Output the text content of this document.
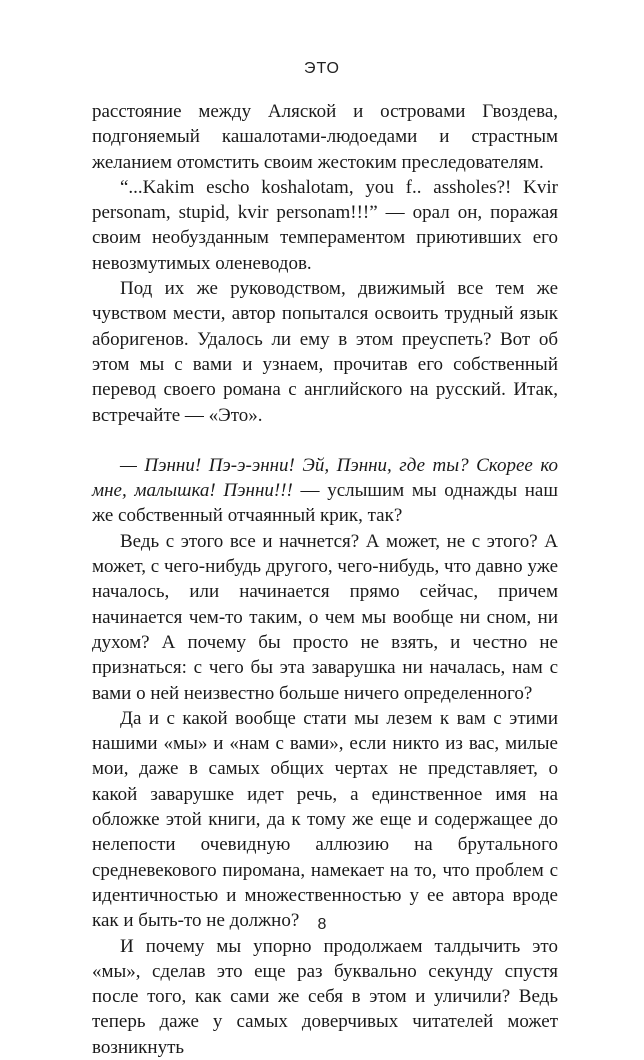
ЭТО

расстояние между Аляской и островами Гвоздева, подгоняемый кашалотами-людоедами и страстным желанием отомстить своим жестоким преследователям.

“...Kakim escho koshalotam, you f.. assholes?! Kvir personam, stupid, kvir personam!!!” — орал он, поражая своим необузданным темпераментом приютивших его невозмутимых оленеводов.

Под их же руководством, движимый все тем же чувством мести, автор попытался освоить трудный язык аборигенов. Удалось ли ему в этом преуспеть? Вот об этом мы с вами и узнаем, прочитав его собственный перевод своего романа с английского на русский. Итак, встречайте — «Это».

— Пэнни! Пэ-э-энни! Эй, Пэнни, где ты? Скорее ко мне, малышка! Пэнни!!! — услышим мы однажды наш же собственный отчаянный крик, так?

Ведь с этого все и начнется? А может, не с этого? А может, с чего-нибудь другого, чего-нибудь, что давно уже началось, или начинается прямо сейчас, причем начинается чем-то таким, о чем мы вообще ни сном, ни духом? А почему бы просто не взять, и честно не признаться: с чего бы эта заварушка ни началась, нам с вами о ней неизвестно больше ничего определенного?

Да и с какой вообще стати мы лезем к вам с этими нашими «мы» и «нам с вами», если никто из вас, милые мои, даже в самых общих чертах не представляет, о какой заварушке идет речь, а единственное имя на обложке этой книги, да к тому же еще и содержащее до нелепости очевидную аллюзию на брутального средневекового пиромана, намекает на то, что проблем с идентичностью и множественностью у ее автора вроде как и быть-то не должно?

И почему мы упорно продолжаем талдычить это «мы», сделав это еще раз буквально секунду спустя после того, как сами же себя в этом и уличили? Ведь теперь даже у самых доверчивых читателей может возникнуть

8
